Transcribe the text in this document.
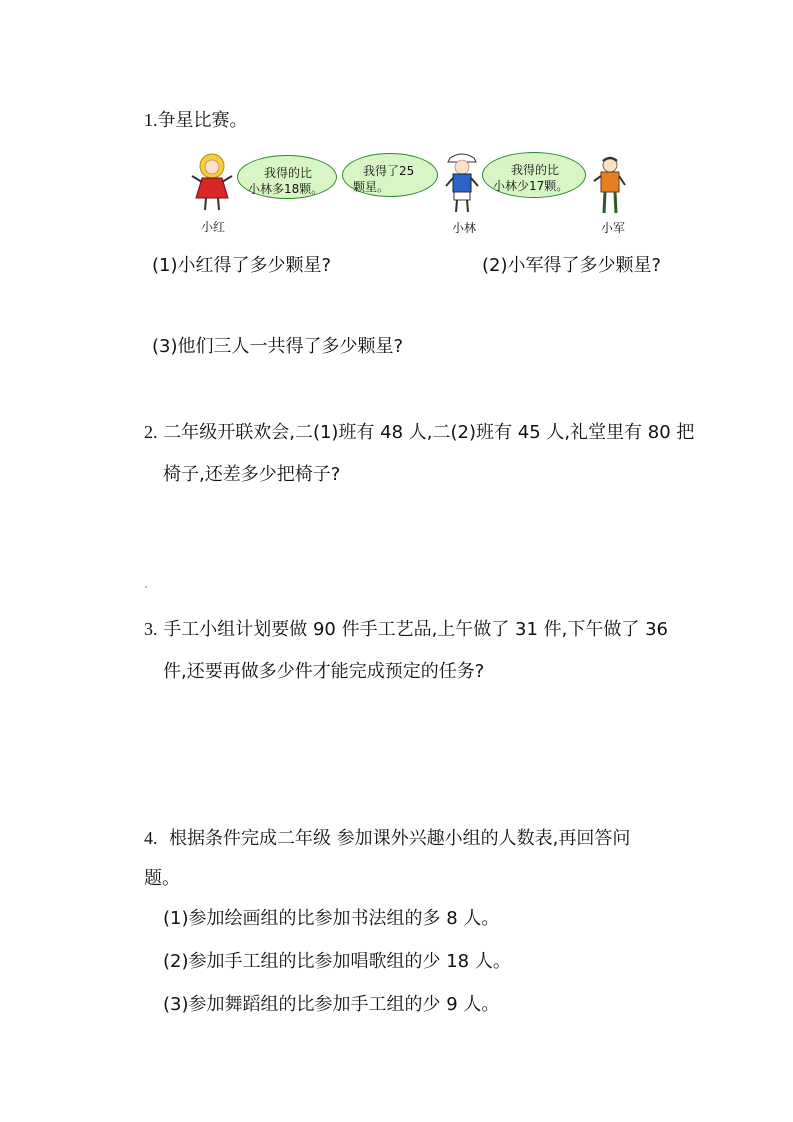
1.争星比赛。
我得的比
小林多18颗。
小红
我得了25
颗星。
小林
我得的比
小林少17颗。
小军
(1)小红得了多少颗星?	(2)小军得了多少颗星?
(3)他们三人一共得了多少颗星?
2. 二年级开联欢会,二(1)班有 48 人,二(2)班有 45 人,礼堂里有 80 把
椅子,还差多少把椅子?
3. 手工小组计划要做 90 件手工艺品,上午做了 31 件,下午做了 36
件,还要再做多少件才能完成预定的任务?
4. 根据条件完成二年级 参加课外兴趣小组的人数表,再回答问
题。
(1)参加绘画组的比参加书法组的多 8 人。
(2)参加手工组的比参加唱歌组的少 18 人。
(3)参加舞蹈组的比参加手工组的少 9 人。
